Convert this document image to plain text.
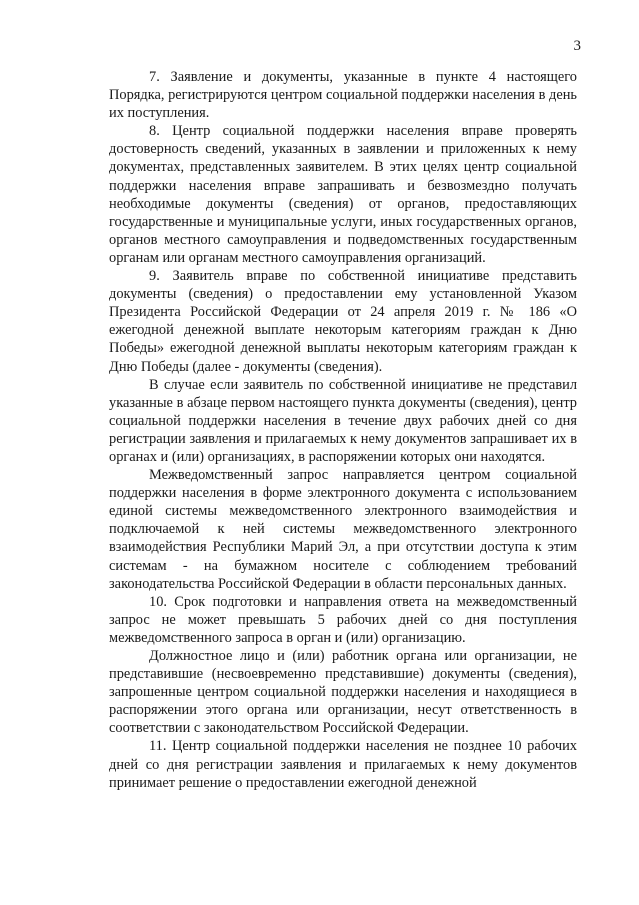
3

7. Заявление и документы, указанные в пункте 4 настоящего Порядка, регистрируются центром социальной поддержки населения в день их поступления.

8. Центр социальной поддержки населения вправе проверять достоверность сведений, указанных в заявлении и приложенных к нему документах, представленных заявителем. В этих целях центр социальной поддержки населения вправе запрашивать и безвозмездно получать необходимые документы (сведения) от органов, предоставляющих государственные и муниципальные услуги, иных государственных органов, органов местного самоуправления и подведомственных государственным органам или органам местного самоуправления организаций.

9. Заявитель вправе по собственной инициативе представить документы (сведения) о предоставлении ему установленной Указом Президента Российской Федерации от 24 апреля 2019 г. № 186 «О ежегодной денежной выплате некоторым категориям граждан к Дню Победы» ежегодной денежной выплаты некоторым категориям граждан к Дню Победы (далее - документы (сведения).

В случае если заявитель по собственной инициативе не представил указанные в абзаце первом настоящего пункта документы (сведения), центр социальной поддержки населения в течение двух рабочих дней со дня регистрации заявления и прилагаемых к нему документов запрашивает их в органах и (или) организациях, в распоряжении которых они находятся.

Межведомственный запрос направляется центром социальной поддержки населения в форме электронного документа с использованием единой системы межведомственного электронного взаимодействия и подключаемой к ней системы межведомственного электронного взаимодействия Республики Марий Эл, а при отсутствии доступа к этим системам - на бумажном носителе с соблюдением требований законодательства Российской Федерации в области персональных данных.

10. Срок подготовки и направления ответа на межведомственный запрос не может превышать 5 рабочих дней со дня поступления межведомственного запроса в орган и (или) организацию.

Должностное лицо и (или) работник органа или организации, не представившие (несвоевременно представившие) документы (сведения), запрошенные центром социальной поддержки населения и находящиеся в распоряжении этого органа или организации, несут ответственность в соответствии с законодательством Российской Федерации.

11. Центр социальной поддержки населения не позднее 10 рабочих дней со дня регистрации заявления и прилагаемых к нему документов принимает решение о предоставлении ежегодной денежной
